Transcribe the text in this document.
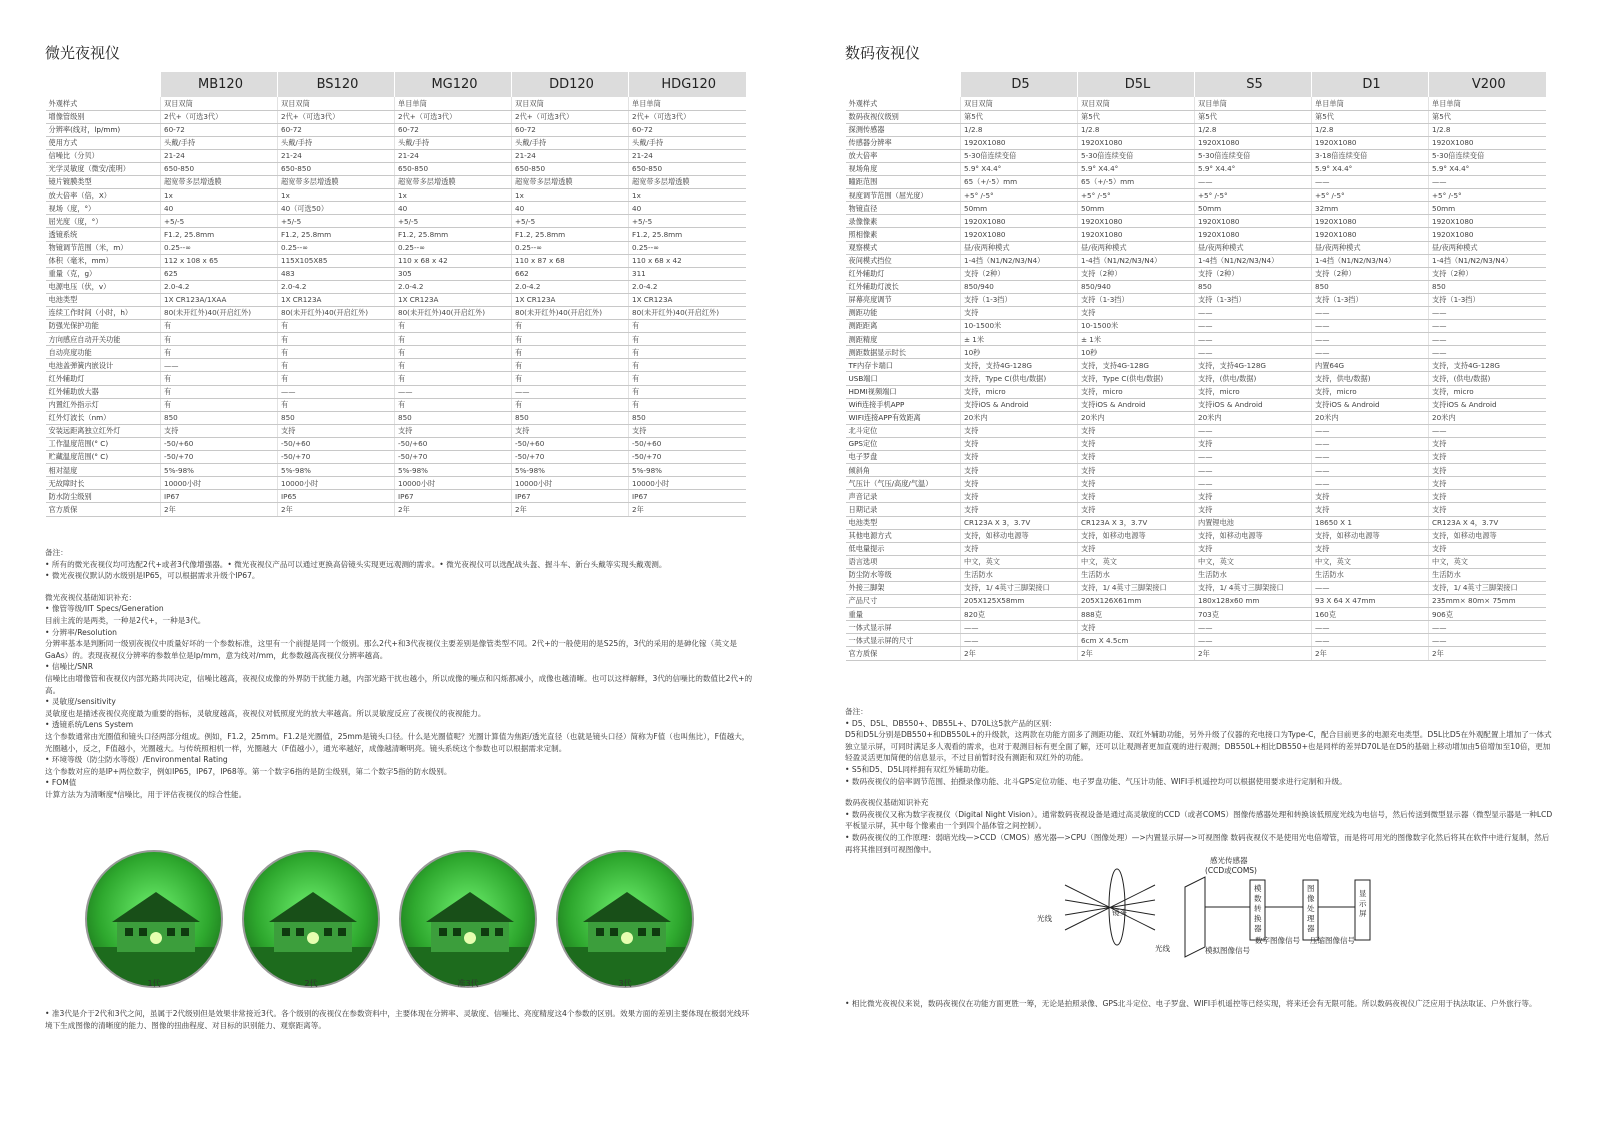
微光夜视仪
	MB120	BS120	MG120	DD120	HDG120
外观样式	双目双筒	双目双筒	单目单筒	双目双筒	单目单筒
增像管级别	2代+（可选3代）	2代+（可选3代）	2代+（可选3代）	2代+（可选3代）	2代+（可选3代）
分辨率(线对，lp/mm)	60-72	60-72	60-72	60-72	60-72
使用方式	头戴/手持	头戴/手持	头戴/手持	头戴/手持	头戴/手持
信噪比（分贝）	21-24	21-24	21-24	21-24	21-24
光学灵敏度（微安/流明）	650-850	650-850	650-850	650-850	650-850
镜片镀膜类型	超宽带多层增透膜	超宽带多层增透膜	超宽带多层增透膜	超宽带多层增透膜	超宽带多层增透膜
放大倍率（倍，X）	1x	1x	1x	1x	1x
视场（度，°）	40	40（可选50）	40	40	40
屈光度（度，°）	+5/-5	+5/-5	+5/-5	+5/-5	+5/-5
透镜系统	F1.2, 25.8mm	F1.2, 25.8mm	F1.2, 25.8mm	F1.2, 25.8mm	F1.2, 25.8mm
物镜调节范围（米，m）	0.25--∞	0.25--∞	0.25--∞	0.25--∞	0.25--∞
体积（毫米，mm）	112 x 108 x 65	115X105X85	110 x 68 x 42	110 x 87 x 68	110 x 68 x 42
重量（克，g）	625	483	305	662	311
电源电压（伏，v）	2.0-4.2	2.0-4.2	2.0-4.2	2.0-4.2	2.0-4.2
电池类型	1X CR123A/1XAA	1X CR123A	1X CR123A	1X CR123A	1X CR123A
连续工作时间（小时，h）	80(未开红外)40(开启红外)	80(未开红外)40(开启红外)	80(未开红外)40(开启红外)	80(未开红外)40(开启红外)	80(未开红外)40(开启红外)
防强光保护功能	有	有	有	有	有
方向感应自动开关功能	有	有	有	有	有
自动亮度功能	有	有	有	有	有
电池盖弹簧内嵌设计	——	有	有	有	有
红外辅助灯	有	有	有	有	有
红外辅助放大器	有	——	——	——	有
内置红外指示灯	有	有	有	有	有
红外灯波长（nm）	850	850	850	850	850
安装远距离独立红外灯	支持	支持	支持	支持	支持
工作温度范围(° C)	-50/+60	-50/+60	-50/+60	-50/+60	-50/+60
贮藏温度范围(° C)	-50/+70	-50/+70	-50/+70	-50/+70	-50/+70
相对湿度	5%-98%	5%-98%	5%-98%	5%-98%	5%-98%
无故障时长	10000小时	10000小时	10000小时	10000小时	10000小时
防水防尘级别	IP67	IP65	IP67	IP67	IP67
官方质保	2年	2年	2年	2年	2年

备注：

• 所有的微光夜视仪均可选配2代+或者3代像增强器。• 微光夜视仪产品可以通过更换高倍镜头实现更远观测的需求。• 微光夜视仪可以选配战头盔、握斗车、新台头戴等实现头戴观测。

• 微光夜视仪默认防水级别是IP65，可以根据需求升级个IP67。

微光夜视仪基础知识补充：

• 像管等级/IIT Specs/Generation

目前主流的是两类，一种是2代+，一种是3代。

• 分辨率/Resolution

分辨率基本是判断同一级别夜视仪中质量好坏的一个参数标准，这里有一个前提是同一个级别。那么2代+和3代夜视仪主要差别是像管类型不同。2代+的一般使用的是S25的，3代的采用的是砷化镓（英文是GaAs）的。表现夜视仪分辨率的参数单位是lp/mm，意为线对/mm，此参数越高夜视仪分辨率越高。

• 信噪比/SNR

信噪比由增像管和夜视仪内部光路共同决定，信噪比越高，夜视仪成像的外界防干扰能力越，内部光路干扰也越小，所以成像的噪点和闪烁都减小，成像也越清晰。也可以这样解释，3代的信噪比的数值比2代+的高。

• 灵敏度/sensitivity

灵敏度也是描述夜视仪亮度最为重要的指标，灵敏度越高，夜视仪对低照度光的放大率越高。所以灵敏度反应了夜视仪的夜视能力。

• 透镜系统/Lens System

这个参数通常由光圈值和镜头口径两部分组成。例如，F1.2，25mm。F1.2是光圈值，25mm是镜头口径。什么是光圈值呢？光圈计算值为焦距/透光直径（也就是镜头口径）简称为F值（也叫焦比），F值越大，光圈越小，反之，F值越小，光圈越大。与传统照相机一样，光圈越大（F值越小），通光率越好，成像越清晰明亮。镜头系统这个参数也可以根据需求定制。

• 环境等级（防尘防水等级）/Environmental Rating

这个参数对应的是IP+两位数字，例如IP65，IP67，IP68等。第一个数字6指的是防尘级别，第二个数字5指的防水级别。

• FOM值

计算方法为为清晰度*信噪比，用于评估夜视仪的综合性能。

1代	2代	准3代	3代

• 准3代是介于2代和3代之间，虽属于2代级别但是效果非常接近3代。各个级别的夜视仪在参数资料中，主要体现在分辨率、灵敏度、信噪比、亮度精度这4个参数的区别。效果方面的差别主要体现在极弱光线环境下生成图像的清晰度的能力、图像的扭曲程度、对目标的识别能力、观察距离等。

数码夜视仪
	D5	D5L	S5	D1	V200
外观样式	双目双筒	双目双筒	双目单筒	单目单筒	单目单筒
数码夜视仪级别	第5代	第5代	第5代	第5代	第5代
探测传感器	1/2.8	1/2.8	1/2.8	1/2.8	1/2.8
传感器分辨率	1920X1080	1920X1080	1920X1080	1920X1080	1920X1080
放大倍率	5-30倍连续变倍	5-30倍连续变倍	5-30倍连续变倍	3-18倍连续变倍	5-30倍连续变倍
视场角度	5.9° X4.4°	5.9° X4.4°	5.9° X4.4°	5.9° X4.4°	5.9° X4.4°
瞳距范围	65（+/-5）mm	65（+/-5）mm	——	——	——
视度调节范围（屈光度）	+5° /-5°	+5° /-5°	+5° /-5°	+5° /-5°	+5° /-5°
物镜直径	50mm	50mm	50mm	32mm	50mm
录像像素	1920X1080	1920X1080	1920X1080	1920X1080	1920X1080
照相像素	1920X1080	1920X1080	1920X1080	1920X1080	1920X1080
观察模式	昼/夜两种模式	昼/夜两种模式	昼/夜两种模式	昼/夜两种模式	昼/夜两种模式
夜间模式挡位	1-4挡（N1/N2/N3/N4）	1-4挡（N1/N2/N3/N4）	1-4挡（N1/N2/N3/N4）	1-4挡（N1/N2/N3/N4）	1-4挡（N1/N2/N3/N4）
红外辅助灯	支持（2种）	支持（2种）	支持（2种）	支持（2种）	支持（2种）
红外辅助灯波长	850/940	850/940	850	850	850
屏幕亮度调节	支持（1-3挡）	支持（1-3挡）	支持（1-3挡）	支持（1-3挡）	支持（1-3挡）
测距功能	支持	支持	——	——	——
测距距离	10-1500米	10-1500米	——	——	——
测距精度	± 1米	± 1米	——	——	——
测距数据显示时长	10秒	10秒	——	——	——
TF内存卡端口	支持，支持4G-128G	支持，支持4G-128G	支持，支持4G-128G	内置64G	支持，支持4G-128G
USB端口	支持，Type C(供电/数据)	支持，Type C(供电/数据)	支持，(供电/数据)	支持，供电/数据)	支持，(供电/数据)
HDMI视频端口	支持，micro	支持，micro	支持，micro	支持，micro	支持，micro
Wifi连接手机APP	支持iOS & Android	支持iOS & Android	支持iOS & Android	支持iOS & Android	支持iOS & Android
WIFI连接APP有效距离	20米内	20米内	20米内	20米内	20米内
北斗定位	支持	支持	——	——	——
GPS定位	支持	支持	支持	——	支持
电子罗盘	支持	支持	——	——	支持
倾斜角	支持	支持	——	——	支持
气压计（气压/高度/气温）	支持	支持	——	——	支持
声音记录	支持	支持	支持	支持	支持
日期记录	支持	支持	支持	支持	支持
电池类型	CR123A X 3，3.7V	CR123A X 3，3.7V	内置锂电池	18650 X 1	CR123A X 4，3.7V
其他电源方式	支持，如移动电源等	支持，如移动电源等	支持，如移动电源等	支持，如移动电源等	支持，如移动电源等
低电量提示	支持	支持	支持	支持	支持
语言选项	中文，英文	中文，英文	中文，英文	中文，英文	中文，英文
防尘防水等级	生活防水	生活防水	生活防水	生活防水	生活防水
外接三脚架	支持，1/ 4英寸三脚架接口	支持，1/ 4英寸三脚架接口	支持，1/ 4英寸三脚架接口	——	支持，1/ 4英寸三脚架接口
产品尺寸	205X125X58mm	205X126X61mm	180x128x60 mm	93 X 64 X 47mm	235mm× 80m× 75mm
重量	820克	888克	703克	160克	906克
一体式显示屏	——	支持	——	——	——
一体式显示屏的尺寸	——	6cm X 4.5cm	——	——	——
官方质保	2年	2年	2年	2年	2年

备注：

• D5、D5L、DB550+、DB55L+、D70L这5款产品的区别：

D5和D5L分别是DB550+和DB550L+的升级款，这两款在功能方面多了测距功能、双红外辅助功能，另外升级了仪器的充电接口为Type-C，配合目前更多的电源充电类型。D5L比D5在外观配置上增加了一体式独立显示屏，可同时满足多人观看的需求，也对于观测目标有更全面了解，还可以让观测者更加直观的进行观测；DB550L+相比DB550+也是同样的差异D70L是在D5的基础上移动增加由5倍增加至10倍，更加轻盈灵活更加简便的信息显示，不过目前暂时没有测距和双红外的功能。

• S5和D5、D5L同样拥有双红外辅助功能。

• 数码夜视仪的倍率调节范围、拍摄录像功能、北斗GPS定位功能、电子罗盘功能、气压计功能、WIFI手机遥控均可以根据使用要求进行定制和升级。

数码夜视仪基础知识补充

• 数码夜视仪又称为数字夜视仪（Digital Night Vision）。通常数码夜视设备是通过高灵敏度的CCD（或者COMS）图像传感器处理和转换该低照度光线为电信号，然后传送到微型显示器（微型显示器是一种LCD平板显示屏，其中每个像素由一个到四个晶体管之间控制）。

• 数码夜视仪的工作原理：弱暗光线—>CCD（CMOS）感光器—>CPU（图像处理）—>内置显示屏—>可视图像 数码夜视仪不是使用光电倍增管，而是将可用光的图像数字化然后将其在软件中进行复制，然后再将其推回到可视图像中。

感光传感器
(CCD或COMS)
光线
镜头
光线	模拟图像信号
数字图像信号 压缩图像信号
模数转换器
图像处理器
显示屏

• 相比微光夜视仪来说，数码夜视仪在功能方面更胜一筹，无论是拍照录像、GPS北斗定位、电子罗盘、WIFI手机遥控等已经实现，将来还会有无限可能。所以数码夜视仪广泛应用于执法取证、户外旅行等。
